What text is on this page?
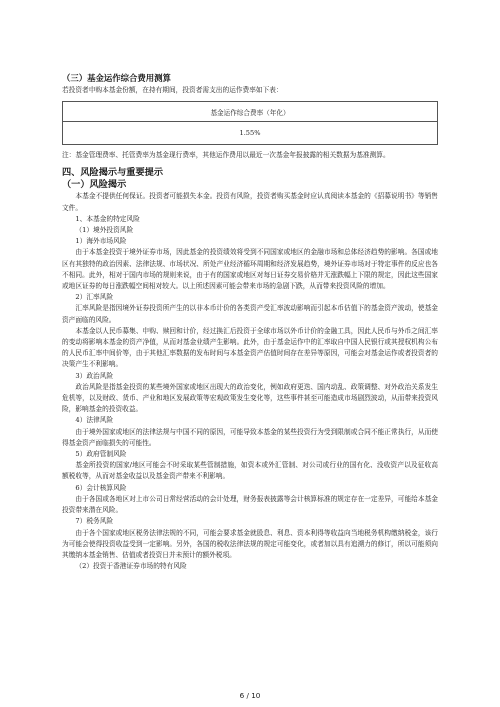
（三）基金运作综合费用测算

若投资者申购本基金份额，在持有期间，投资者需支出的运作费率如下表：

基金运作综合费率（年化）
1.55%

注：基金管理费率、托管费率为基金现行费率，其他运作费用以最近一次基金年报披露的相关数据为基准测算。

四、风险揭示与重要提示
（一）风险揭示

本基金不提供任何保证。投资者可能损失本金。投资有风险，投资者购买基金时应认真阅读本基金的《招募说明书》等销售文件。

1、本基金的特定风险

（1）境外投资风险

1）海外市场风险

由于本基金投资于境外证券市场，因此基金的投资绩效将受到不同国家或地区的金融市场和总体经济趋势的影响。各国或地区有其独特的政治因素、法律法规、市场状况、所处产业经济循环周期和经济发展趋势，境外证券市场对于特定事件的反应也各不相同。此外，相对于国内市场的规则来说，由于有的国家或地区对每日证券交易价格并无涨跌幅上下限的规定，因此这些国家或地区证券的每日涨跌幅空间相对较大。以上所述因素可能会带来市场的急剧下跌，从而带来投资风险的增加。

2）汇率风险

汇率风险是指因境外证券投资所产生的以非本币计价的各类资产受汇率波动影响而引起本币估值下的基金资产波动，使基金资产面临的风险。

本基金以人民币募集、申购、赎回和计价，经过换汇后投资于全球市场以外币计价的金融工具，因此人民币与外币之间汇率的变动将影响本基金的资产净值，从而对基金业绩产生影响。此外，由于基金运作中的汇率取自中国人民银行或其授权机构公布的人民币汇率中间价等，由于其他汇率数据的发布时间与本基金资产估值时间存在差异等原因，可能会对基金运作或者投资者的决策产生不利影响。

3）政治风险

政治风险是指基金投资的某些境外国家或地区出现大的政治变化，例如政府更迭、国内动乱、政策调整、对外政治关系发生危机等，以及财政、货币、产业和地区发展政策等宏观政策发生变化等，这些事件甚至可能造成市场剧烈波动，从而带来投资风险，影响基金的投资收益。

4）法律风险

由于境外国家或地区的法律法规与中国不同的原因，可能导致本基金的某些投资行为受到限制或合同不能正常执行，从而使得基金资产面临损失的可能性。

5）政府管制风险

基金所投资的国家/地区可能会不时采取某些管制措施，如资本或外汇管制、对公司或行业的国有化、没收资产以及征收高额税收等，从而对基金收益以及基金资产带来不利影响。

6）会计核算风险

由于各国或各地区对上市公司日常经营活动的会计处理，财务报表披露等会计核算标准的规定存在一定差异，可能给本基金投资带来潜在风险。

7）税务风险

由于各个国家或地区税务法律法规的不同，可能会要求基金就股息、利息、资本利得等收益向当地税务机构缴纳税金，该行为可能会使得投资收益受到一定影响。另外，各国的税收法律法规的规定可能变化，或者加以具有追溯力的修订，所以可能须向其缴纳本基金销售、估值或者投资日并未预计的额外税项。

（2）投资于香港证券市场的特有风险

6 / 10
